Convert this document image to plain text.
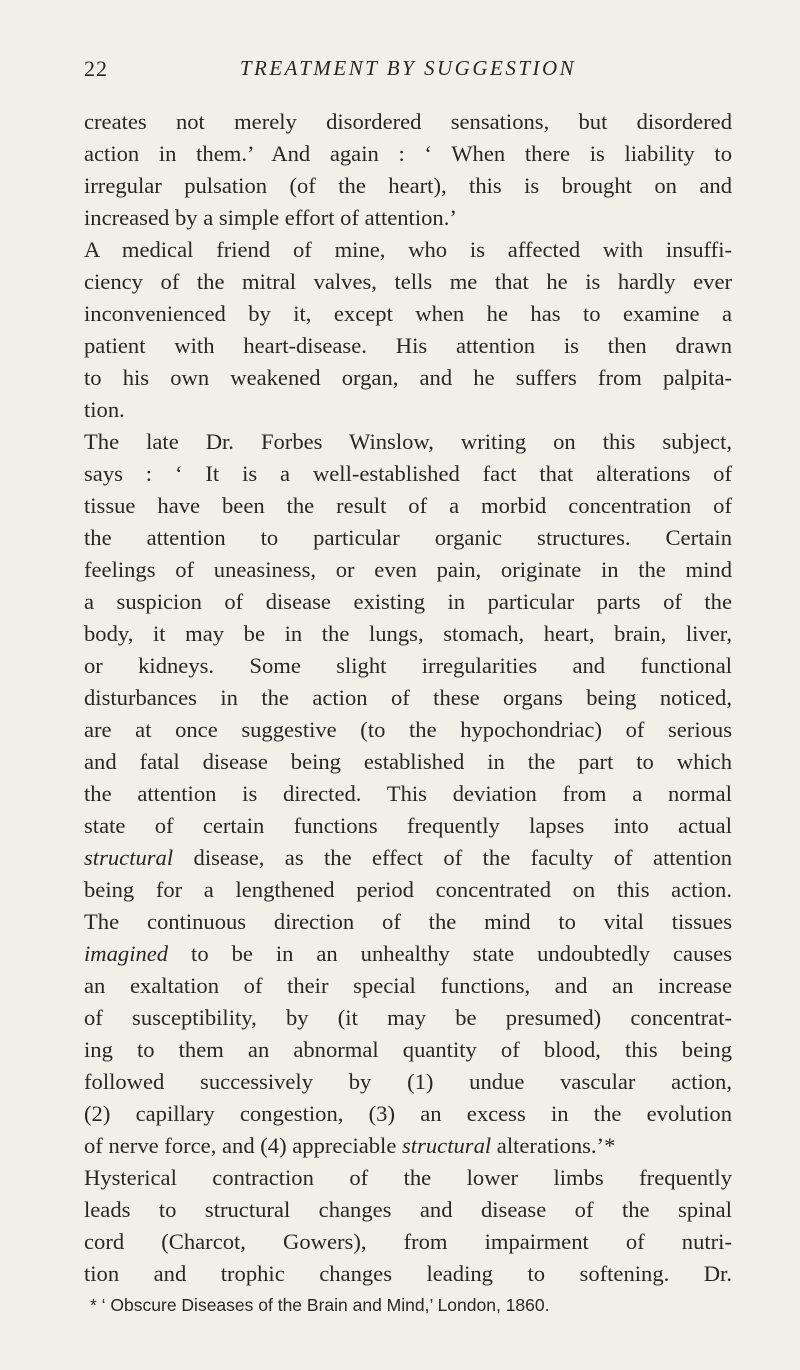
22	TREATMENT BY SUGGESTION
creates not merely disordered sensations, but disordered
action in them.’ And again : ‘ When there is liability to
irregular pulsation (of the heart), this is brought on and
increased by a simple effort of attention.’
A medical friend of mine, who is affected with insuffi-
ciency of the mitral valves, tells me that he is hardly ever
inconvenienced by it, except when he has to examine a
patient with heart-disease. His attention is then drawn
to his own weakened organ, and he suffers from palpita-
tion.
The late Dr. Forbes Winslow, writing on this subject,
says : ‘ It is a well-established fact that alterations of
tissue have been the result of a morbid concentration of
the attention to particular organic structures. Certain
feelings of uneasiness, or even pain, originate in the mind
a suspicion of disease existing in particular parts of the
body, it may be in the lungs, stomach, heart, brain, liver,
or kidneys. Some slight irregularities and functional
disturbances in the action of these organs being noticed,
are at once suggestive (to the hypochondriac) of serious
and fatal disease being established in the part to which
the attention is directed. This deviation from a normal
state of certain functions frequently lapses into actual
structural disease, as the effect of the faculty of attention
being for a lengthened period concentrated on this action.
The continuous direction of the mind to vital tissues
imagined to be in an unhealthy state undoubtedly causes
an exaltation of their special functions, and an increase
of susceptibility, by (it may be presumed) concentrat-
ing to them an abnormal quantity of blood, this being
followed successively by (1) undue vascular action,
(2) capillary congestion, (3) an excess in the evolution
of nerve force, and (4) appreciable structural alterations.’*
Hysterical contraction of the lower limbs frequently
leads to structural changes and disease of the spinal
cord (Charcot, Gowers), from impairment of nutri-
tion and trophic changes leading to softening. Dr.
* ‘ Obscure Diseases of the Brain and Mind,’ London, 1860.
